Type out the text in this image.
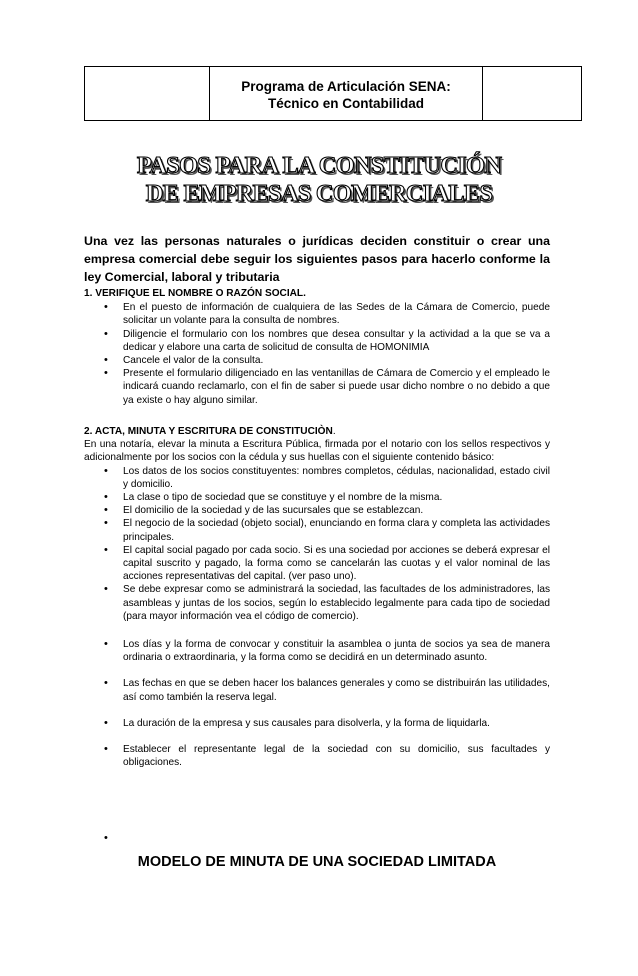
Programa de Articulación SENA:
Técnico en Contabilidad
PASOS PARA LA CONSTITUCIÓN
DE EMPRESAS COMERCIALES

Una vez las personas naturales o jurídicas deciden constituir o crear una empresa comercial debe seguir los siguientes pasos para hacerlo conforme la ley Comercial, laboral y tributaria

1. VERIFIQUE EL NOMBRE O RAZÓN SOCIAL.
• En el puesto de información de cualquiera de las Sedes de la Cámara de Comercio, puede solicitar un volante para la consulta de nombres.
• Diligencie el formulario con los nombres que desea consultar y la actividad a la que se va a dedicar y elabore una carta de solicitud de consulta de HOMONIMIA
• Cancele el valor de la consulta.
• Presente el formulario diligenciado en las ventanillas de Cámara de Comercio y el empleado le indicará cuando reclamarlo, con el fin de saber si puede usar dicho nombre o no debido a que ya existe o hay alguno similar.
2. ACTA, MINUTA Y ESCRITURA DE CONSTITUCIÒN.

En una notaría, elevar la minuta a Escritura Pública, firmada por el notario con los sellos respectivos y adicionalmente por los socios con la cédula y sus huellas con el siguiente contenido básico:

• Los datos de los socios constituyentes: nombres completos, cédulas, nacionalidad, estado civil y domicilio.
• La clase o tipo de sociedad que se constituye y el nombre de la misma.
• El domicilio de la sociedad y de las sucursales que se establezcan.
• El negocio de la sociedad (objeto social), enunciando en forma clara y completa las actividades principales.
• El capital social pagado por cada socio. Si es una sociedad por acciones se deberá expresar el capital suscrito y pagado, la forma como se cancelarán las cuotas y el valor nominal de las acciones representativas del capital. (ver paso uno).
• Se debe expresar como se administrará la sociedad, las facultades de los administradores, las asambleas y juntas de los socios, según lo establecido legalmente para cada tipo de sociedad (para mayor información vea el código de comercio).
• Los días y la forma de convocar y constituir la asamblea o junta de socios ya sea de manera ordinaria o extraordinaria, y la forma como se decidirá en un determinado asunto.
• Las fechas en que se deben hacer los balances generales y como se distribuirán las utilidades, así como también la reserva legal.
• La duración de la empresa y sus causales para disolverla, y la forma de liquidarla.
• Establecer el representante legal de la sociedad con su domicilio, sus facultades y obligaciones.
•
MODELO DE MINUTA DE UNA SOCIEDAD LIMITADA
